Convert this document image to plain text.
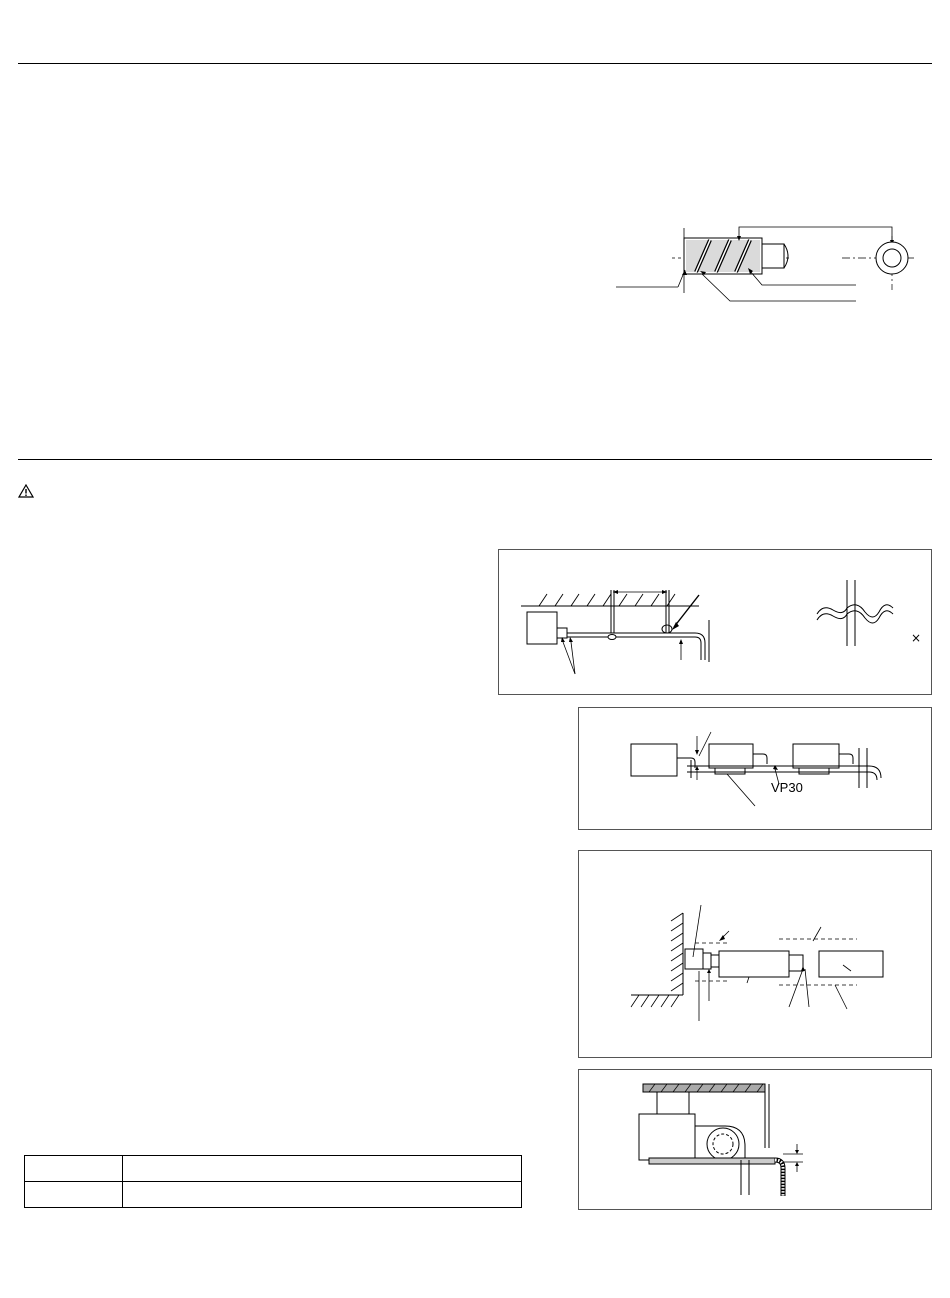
×
VP30
